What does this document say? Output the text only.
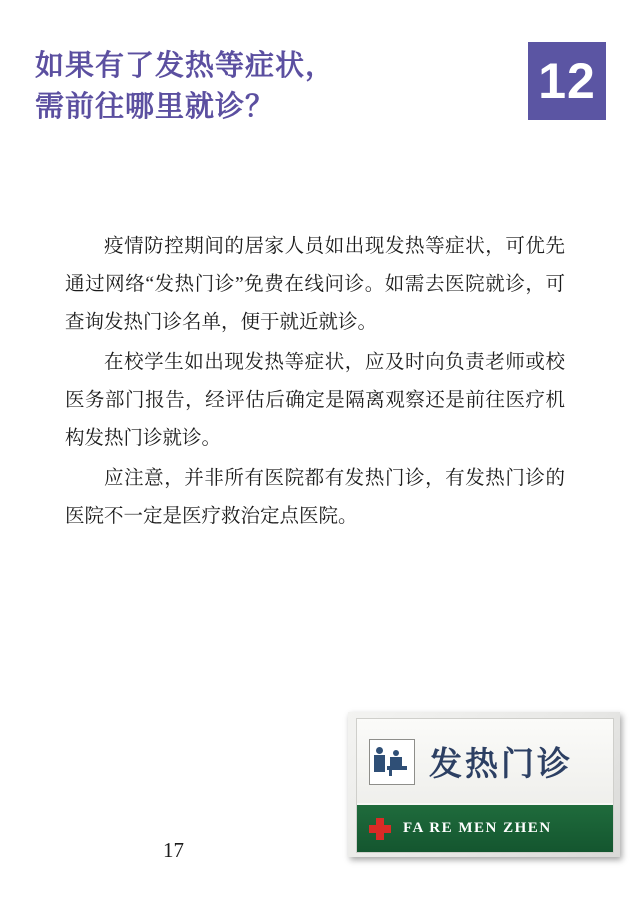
如果有了发热等症状，
需前往哪里就诊？	12

疫情防控期间的居家人员如出现发热等症状，可优先通过网络“发热门诊”免费在线问诊。如需去医院就诊，可查询发热门诊名单，便于就近就诊。

在校学生如出现发热等症状，应及时向负责老师或校医务部门报告，经评估后确定是隔离观察还是前往医疗机构发热门诊就诊。

应注意，并非所有医院都有发热门诊，有发热门诊的医院不一定是医疗救治定点医院。

发热门诊
FA RE MEN ZHEN
17
